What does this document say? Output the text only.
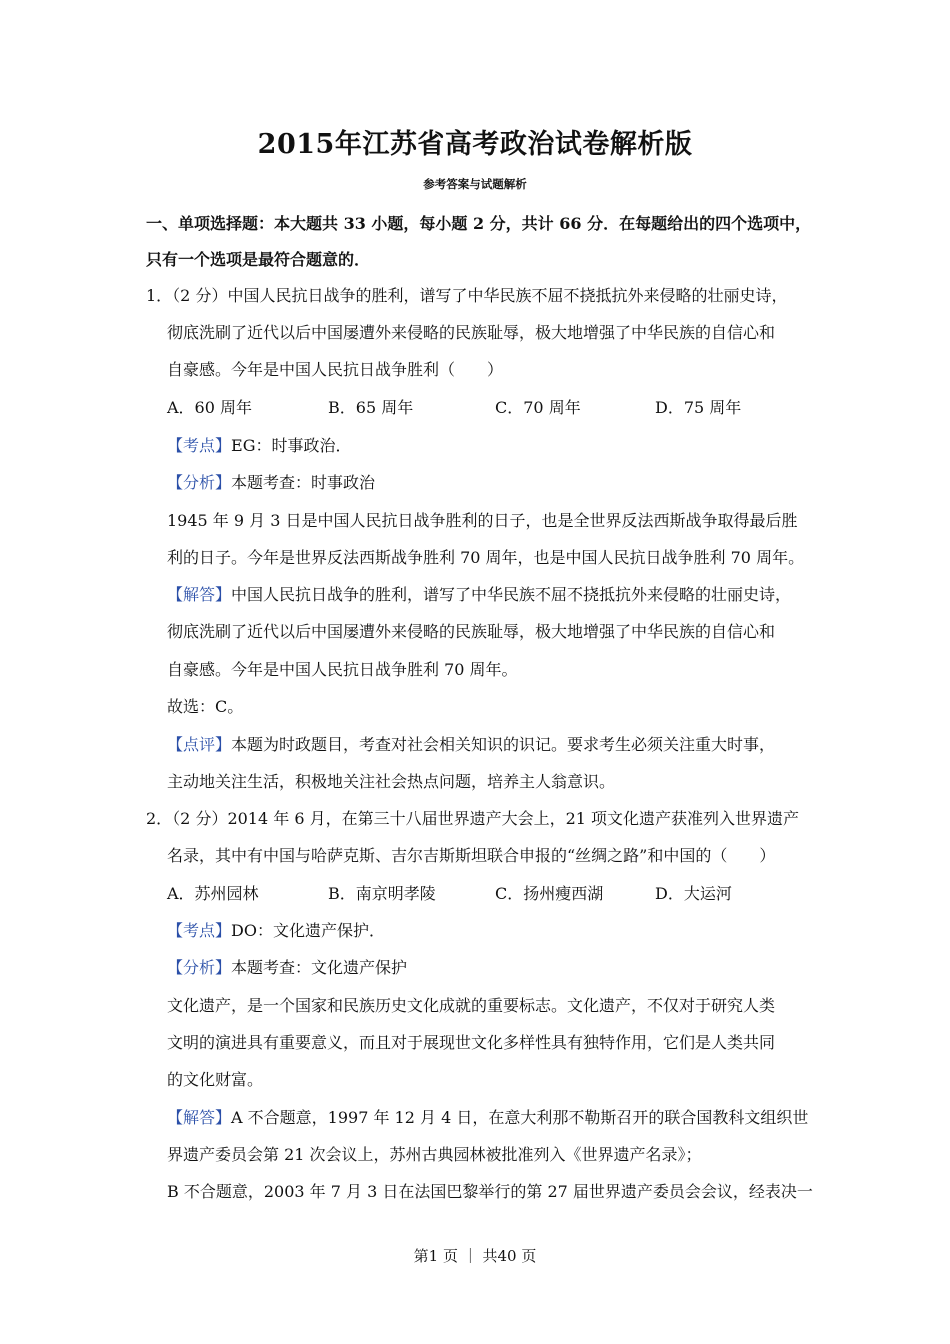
2015年江苏省高考政治试卷解析版
参考答案与试题解析
一、单项选择题：本大题共 33 小题，每小题 2 分，共计 66 分．在每题给出的四个选项中，
只有一个选项是最符合题意的．
1．（2 分）中国人民抗日战争的胜利，谱写了中华民族不屈不挠抵抗外来侵略的壮丽史诗，
彻底洗刷了近代以后中国屡遭外来侵略的民族耻辱，极大地增强了中华民族的自信心和
自豪感。今年是中国人民抗日战争胜利（　　）
A．60 周年	B．65 周年	C．70 周年	D．75 周年
【考点】EG：时事政治．
【分析】本题考查：时事政治
1945 年 9 月 3 日是中国人民抗日战争胜利的日子，也是全世界反法西斯战争取得最后胜
利的日子。今年是世界反法西斯战争胜利 70 周年，也是中国人民抗日战争胜利 70 周年。
【解答】中国人民抗日战争的胜利，谱写了中华民族不屈不挠抵抗外来侵略的壮丽史诗，
彻底洗刷了近代以后中国屡遭外来侵略的民族耻辱，极大地增强了中华民族的自信心和
自豪感。今年是中国人民抗日战争胜利 70 周年。
故选：C。
【点评】本题为时政题目，考查对社会相关知识的识记。要求考生必须关注重大时事，
主动地关注生活，积极地关注社会热点问题，培养主人翁意识。
2．（2 分）2014 年 6 月，在第三十八届世界遗产大会上，21 项文化遗产获准列入世界遗产
名录，其中有中国与哈萨克斯、吉尔吉斯斯坦联合申报的“丝绸之路”和中国的（　　）
A．苏州园林	B．南京明孝陵	C．扬州瘦西湖	D．大运河
【考点】DO：文化遗产保护．
【分析】本题考查：文化遗产保护
文化遗产，是一个国家和民族历史文化成就的重要标志。文化遗产，不仅对于研究人类
文明的演进具有重要意义，而且对于展现世文化多样性具有独特作用，它们是人类共同
的文化财富。
【解答】A 不合题意，1997 年 12 月 4 日，在意大利那不勒斯召开的联合国教科文组织世
界遗产委员会第 21 次会议上，苏州古典园林被批准列入《世界遗产名录》；
B 不合题意，2003 年 7 月 3 日在法国巴黎举行的第 27 届世界遗产委员会会议，经表决一
第1 页 ｜ 共40 页
